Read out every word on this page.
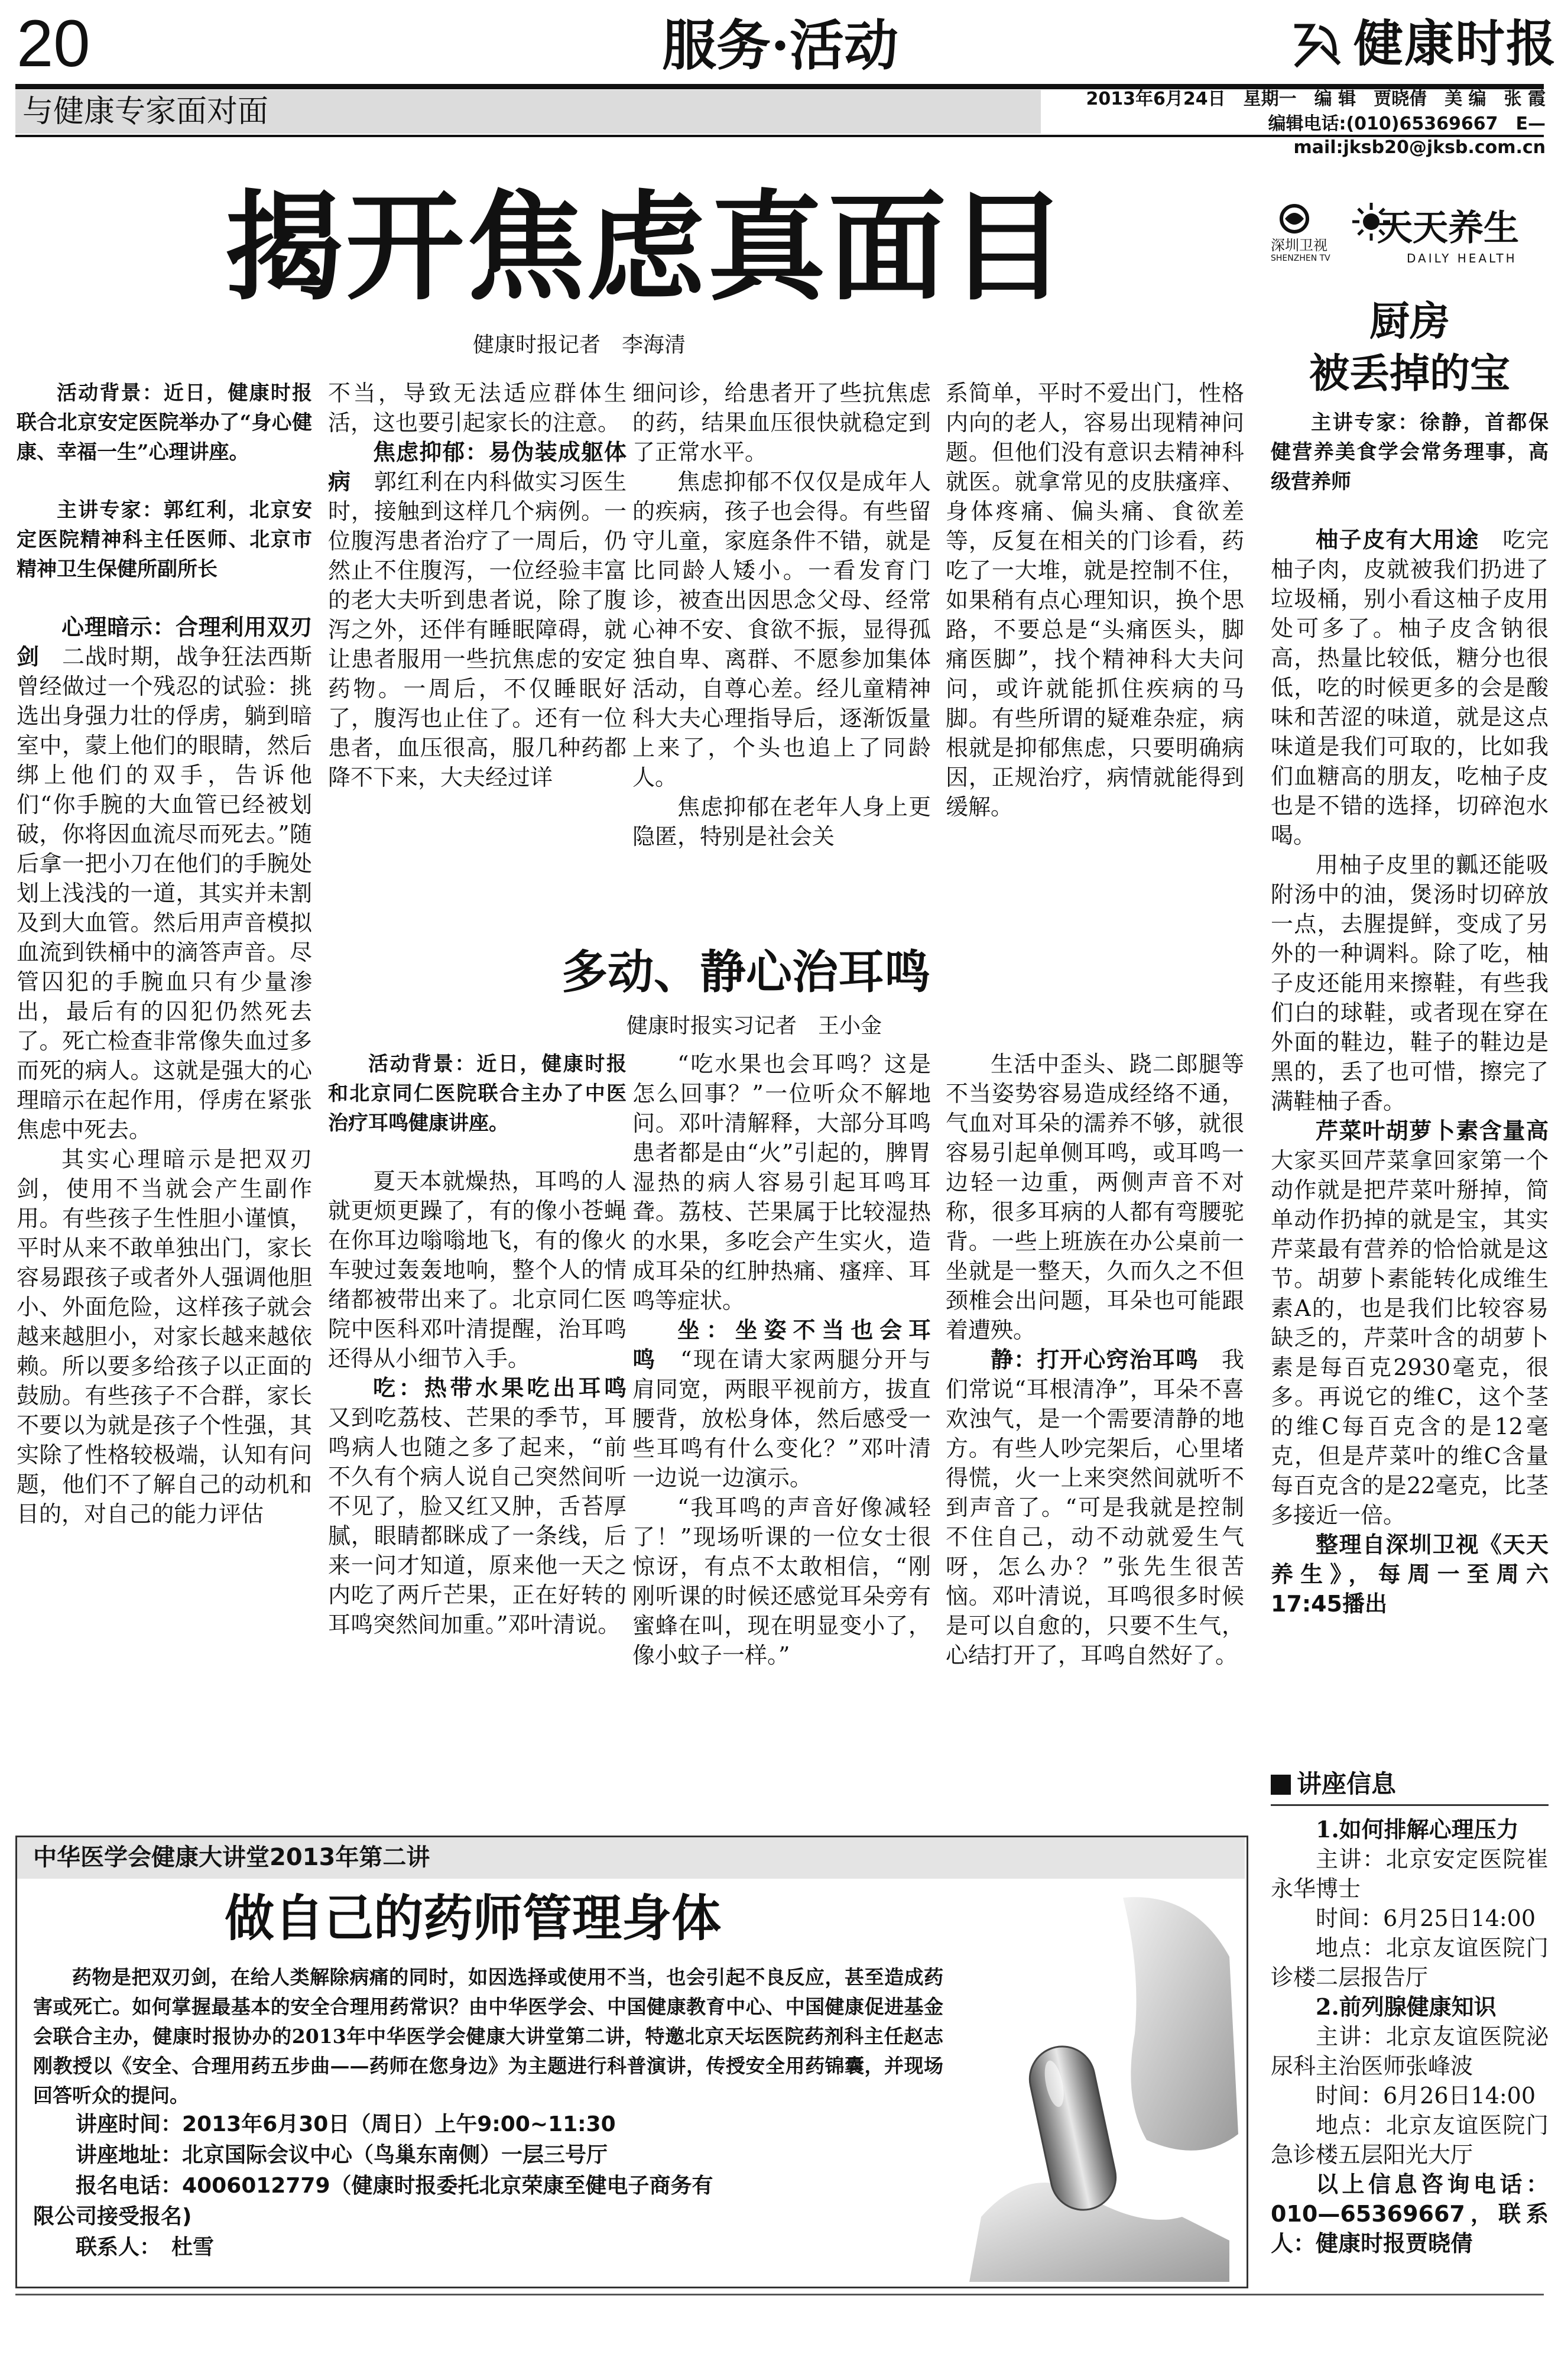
20	服务·活动	健康时报
与健康专家面对面	2013年6月24日　星期一　编 辑　贾晓倩　美 编　张 霞
编辑电话:(010)65369667　E—mail:jksb20@jksb.com.cn
揭开焦虑真面目
健康时报记者　李海清

活动背景：近日，健康时报联合北京安定医院举办了“身心健康、幸福一生”心理讲座。

主讲专家：郭红利，北京安定医院精神科主任医师、北京市精神卫生保健所副所长

心理暗示：合理利用双刃剑　 二战时期，战争狂法西斯曾经做过一个残忍的试验：挑选出身强力壮的俘虏，躺到暗室中，蒙上他们的眼睛，然后绑上他们的双手，告诉他们“你手腕的大血管已经被划破，你将因血流尽而死去。”随后拿一把小刀在他们的手腕处划上浅浅的一道，其实并未割及到大血管。然后用声音模拟血流到铁桶中的滴答声音。尽管囚犯的手腕血只有少量渗出，最后有的囚犯仍然死去了。死亡检查非常像失血过多而死的病人。这就是强大的心理暗示在起作用，俘虏在紧张焦虑中死去。

其实心理暗示是把双刃剑，使用不当就会产生副作用。有些孩子生性胆小谨慎，平时从来不敢单独出门，家长容易跟孩子或者外人强调他胆小、外面危险，这样孩子就会越来越胆小，对家长越来越依赖。所以要多给孩子以正面的鼓励。有些孩子不合群，家长不要以为就是孩子个性强，其实除了性格较极端，认知有问题，他们不了解自己的动机和目的，对自己的能力评估

不当，导致无法适应群体生活，这也要引起家长的注意。

焦虑抑郁：易伪装成躯体病　 郭红利在内科做实习医生时，接触到这样几个病例。一位腹泻患者治疗了一周后，仍然止不住腹泻，一位经验丰富的老大夫听到患者说，除了腹泻之外，还伴有睡眠障碍，就让患者服用一些抗焦虑的安定药物。一周后，不仅睡眠好了，腹泻也止住了。还有一位患者，血压很高，服几种药都降不下来，大夫经过详

细问诊，给患者开了些抗焦虑的药，结果血压很快就稳定到了正常水平。

焦虑抑郁不仅仅是成年人的疾病，孩子也会得。有些留守儿童，家庭条件不错，就是比同龄人矮小。一看发育门诊，被查出因思念父母、经常心神不安、食欲不振，显得孤独自卑、离群、不愿参加集体活动，自尊心差。经儿童精神科大夫心理指导后，逐渐饭量上来了，个头也追上了同龄人。

焦虑抑郁在老年人身上更隐匿，特别是社会关

系简单，平时不爱出门，性格内向的老人，容易出现精神问题。但他们没有意识去精神科就医。就拿常见的皮肤瘙痒、身体疼痛、偏头痛、食欲差等，反复在相关的门诊看，药吃了一大堆，就是控制不住，如果稍有点心理知识，换个思路，不要总是“头痛医头，脚痛医脚”，找个精神科大夫问问，或许就能抓住疾病的马脚。有些所谓的疑难杂症，病根就是抑郁焦虑，只要明确病因，正规治疗，病情就能得到缓解。

多动、静心治耳鸣
健康时报实习记者　王小金

活动背景：近日，健康时报和北京同仁医院联合主办了中医治疗耳鸣健康讲座。

夏天本就燥热，耳鸣的人就更烦更躁了，有的像小苍蝇在你耳边嗡嗡地飞，有的像火车驶过轰轰地响，整个人的情绪都被带出来了。北京同仁医院中医科邓叶清提醒，治耳鸣还得从小细节入手。

吃：热带水果吃出耳鸣　又到吃荔枝、芒果的季节，耳鸣病人也随之多了起来，“前不久有个病人说自己突然间听不见了，脸又红又肿，舌苔厚腻，眼睛都眯成了一条线，后来一问才知道，原来他一天之内吃了两斤芒果，正在好转的耳鸣突然间加重。”邓叶清说。

“吃水果也会耳鸣？这是怎么回事？”一位听众不解地问。邓叶清解释，大部分耳鸣患者都是由“火”引起的，脾胃湿热的病人容易引起耳鸣耳聋。荔枝、芒果属于比较湿热的水果，多吃会产生实火，造成耳朵的红肿热痛、瘙痒、耳鸣等症状。

坐：坐姿不当也会耳鸣　 “现在请大家两腿分开与肩同宽，两眼平视前方，拔直腰背，放松身体，然后感受一些耳鸣有什么变化？”邓叶清一边说一边演示。

“我耳鸣的声音好像减轻了！”现场听课的一位女士很惊讶，有点不太敢相信，“刚刚听课的时候还感觉耳朵旁有蜜蜂在叫，现在明显变小了，像小蚊子一样。”

生活中歪头、跷二郎腿等不当姿势容易造成经络不通，气血对耳朵的濡养不够，就很容易引起单侧耳鸣，或耳鸣一边轻一边重，两侧声音不对称，很多耳病的人都有弯腰驼背。一些上班族在办公桌前一坐就是一整天，久而久之不但颈椎会出问题，耳朵也可能跟着遭殃。

静：打开心窍治耳鸣　 我们常说“耳根清净”，耳朵不喜欢浊气，是一个需要清静的地方。有些人吵完架后，心里堵得慌，火一上来突然间就听不到声音了。“可是我就是控制不住自己，动不动就爱生气呀，怎么办？”张先生很苦恼。邓叶清说，耳鸣很多时候是可以自愈的，只要不生气，心结打开了，耳鸣自然好了。

深圳卫视
SHENZHEN TV
天天养生
DAILY HEALTH
厨房
被丢掉的宝

主讲专家：徐静，首都保健营养美食学会常务理事，高级营养师

柚子皮有大用途　 吃完柚子肉，皮就被我们扔进了垃圾桶，别小看这柚子皮用处可多了。柚子皮含钠很高，热量比较低，糖分也很低，吃的时候更多的会是酸味和苦涩的味道，就是这点味道是我们可取的，比如我们血糖高的朋友，吃柚子皮也是不错的选择，切碎泡水喝。

用柚子皮里的瓤还能吸附汤中的油，煲汤时切碎放一点，去腥提鲜，变成了另外的一种调料。除了吃，柚子皮还能用来擦鞋，有些我们白的球鞋，或者现在穿在外面的鞋边，鞋子的鞋边是黑的，丢了也可惜，擦完了满鞋柚子香。

芹菜叶胡萝卜素含量高　大家买回芹菜拿回家第一个动作就是把芹菜叶掰掉，简单动作扔掉的就是宝，其实芹菜最有营养的恰恰就是这节。胡萝卜素能转化成维生素A的，也是我们比较容易缺乏的，芹菜叶含的胡萝卜素是每百克2930毫克，很多。再说它的维C，这个茎的维C每百克含的是12毫克，但是芹菜叶的维C含量每百克含的是22毫克，比茎多接近一倍。

整理自深圳卫视《天天养生》，每周一至周六17:45播出

讲座信息

1.如何排解心理压力

主讲：北京安定医院崔永华博士

时间：6月25日14:00

地点：北京友谊医院门诊楼二层报告厅

2.前列腺健康知识

主讲：北京友谊医院泌尿科主治医师张峰波

时间：6月26日14:00

地点：北京友谊医院门急诊楼五层阳光大厅

以上信息咨询电话：010—65369667，联系人：健康时报贾晓倩

中华医学会健康大讲堂2013年第二讲
做自己的药师管理身体
药物是把双刃剑，在给人类解除病痛的同时，如因选择或使用不当，也会引起不良反应，甚至造成药害或死亡。如何掌握最基本的安全合理用药常识？由中华医学会、中国健康教育中心、中国健康促进基金会联合主办，健康时报协办的2013年中华医学会健康大讲堂第二讲，特邀北京天坛医院药剂科主任赵志刚教授以《安全、合理用药五步曲——药师在您身边》为主题进行科普演讲，传授安全用药锦囊，并现场回答听众的提问。
讲座时间：2013年6月30日（周日）上午9:00~11:30
讲座地址：北京国际会议中心（鸟巢东南侧）一层三号厅
报名电话：4006012779（健康时报委托北京荣康至健电子商务有
限公司接受报名)
联系人：　 杜雪
